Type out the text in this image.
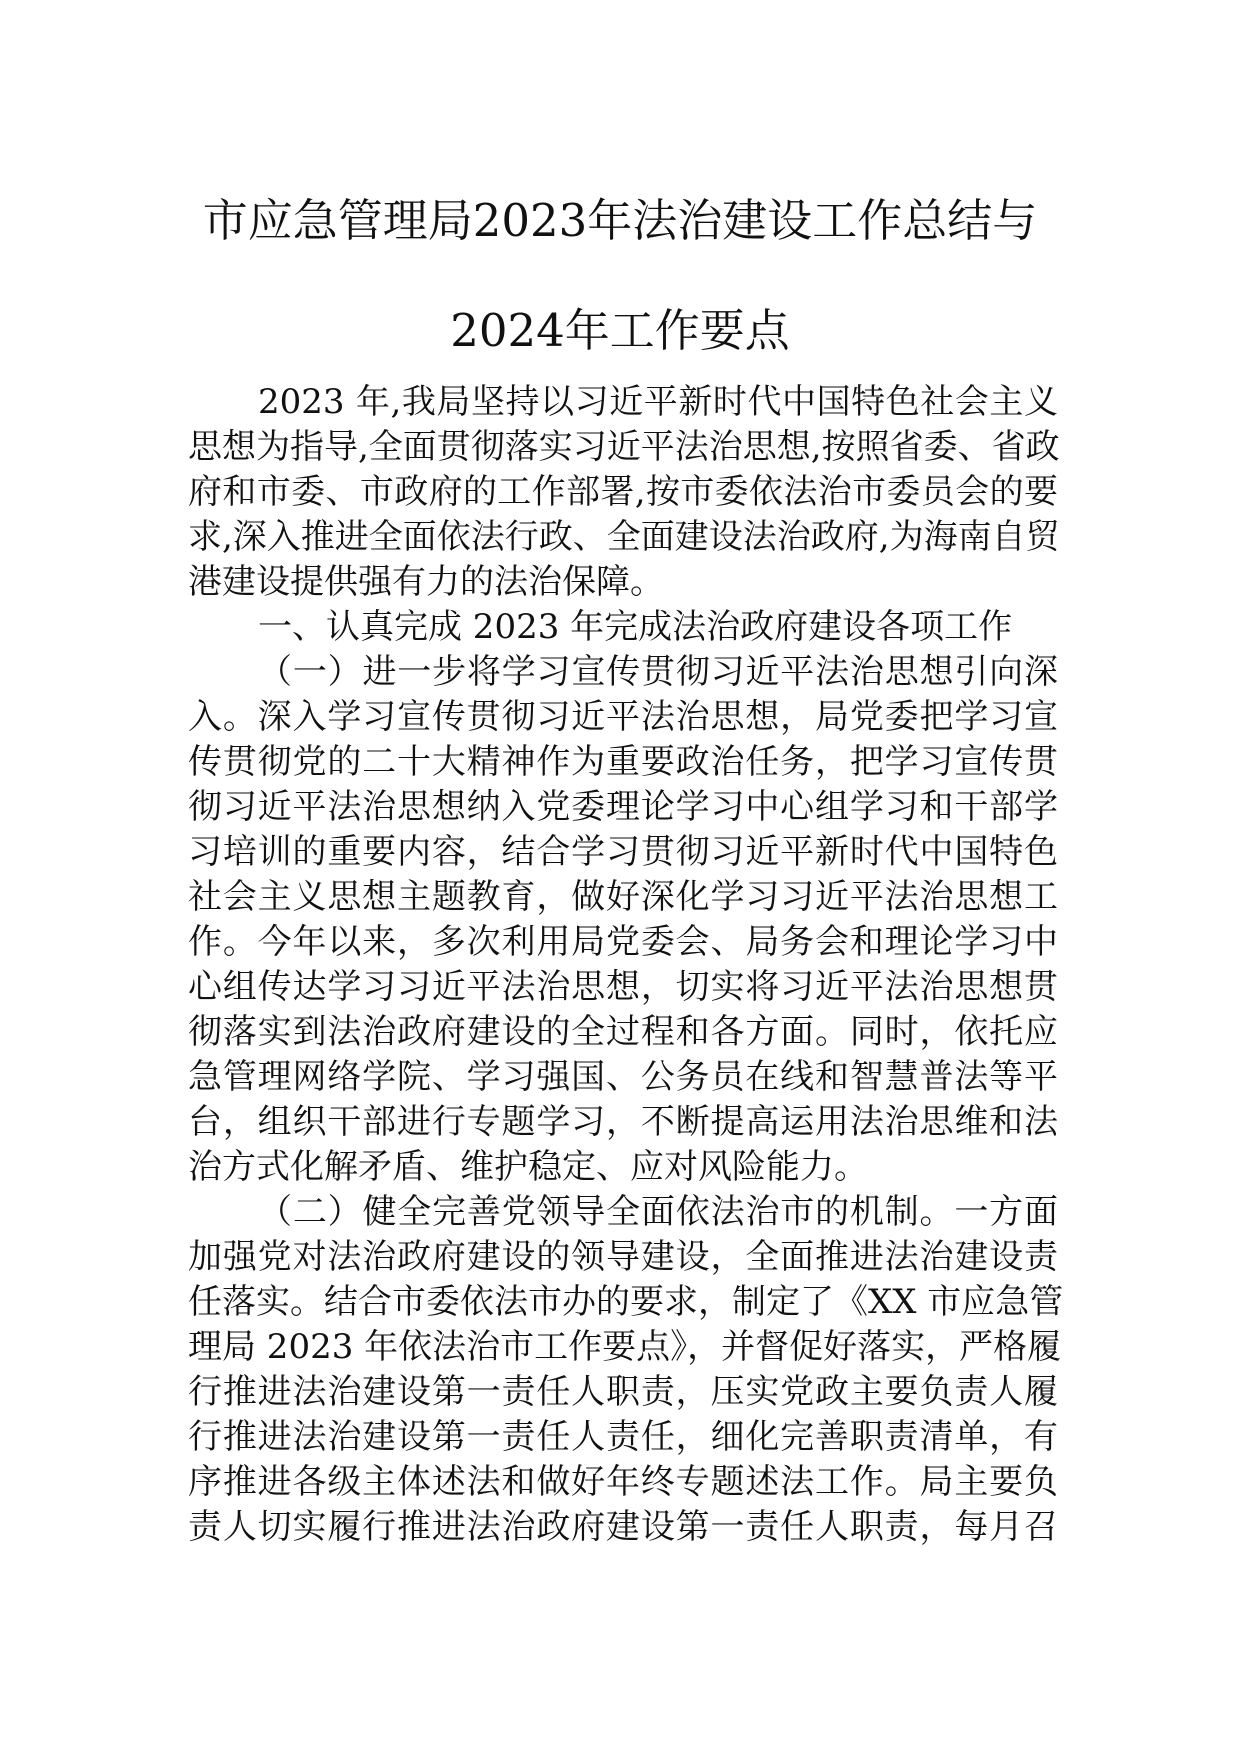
市应急管理局2023年法治建设工作总结与
2024年工作要点
2023 年,我局坚持以习近平新时代中国特色社会主义
思想为指导,全面贯彻落实习近平法治思想,按照省委、省政
府和市委、市政府的工作部署,按市委依法治市委员会的要
求,深入推进全面依法行政、全面建设法治政府,为海南自贸
港建设提供强有力的法治保障。
一、认真完成 2023 年完成法治政府建设各项工作
（一）进一步将学习宣传贯彻习近平法治思想引向深
入。深入学习宣传贯彻习近平法治思想，局党委把学习宣
传贯彻党的二十大精神作为重要政治任务，把学习宣传贯
彻习近平法治思想纳入党委理论学习中心组学习和干部学
习培训的重要内容，结合学习贯彻习近平新时代中国特色
社会主义思想主题教育，做好深化学习习近平法治思想工
作。今年以来，多次利用局党委会、局务会和理论学习中
心组传达学习习近平法治思想，切实将习近平法治思想贯
彻落实到法治政府建设的全过程和各方面。同时，依托应
急管理网络学院、学习强国、公务员在线和智慧普法等平
台，组织干部进行专题学习，不断提高运用法治思维和法
治方式化解矛盾、维护稳定、应对风险能力。
（二）健全完善党领导全面依法治市的机制。一方面
加强党对法治政府建设的领导建设，全面推进法治建设责
任落实。结合市委依法市办的要求，制定了《XX 市应急管
理局 2023 年依法治市工作要点》，并督促好落实，严格履
行推进法治建设第一责任人职责，压实党政主要负责人履
行推进法治建设第一责任人责任，细化完善职责清单，有
序推进各级主体述法和做好年终专题述法工作。局主要负
责人切实履行推进法治政府建设第一责任人职责，每月召
